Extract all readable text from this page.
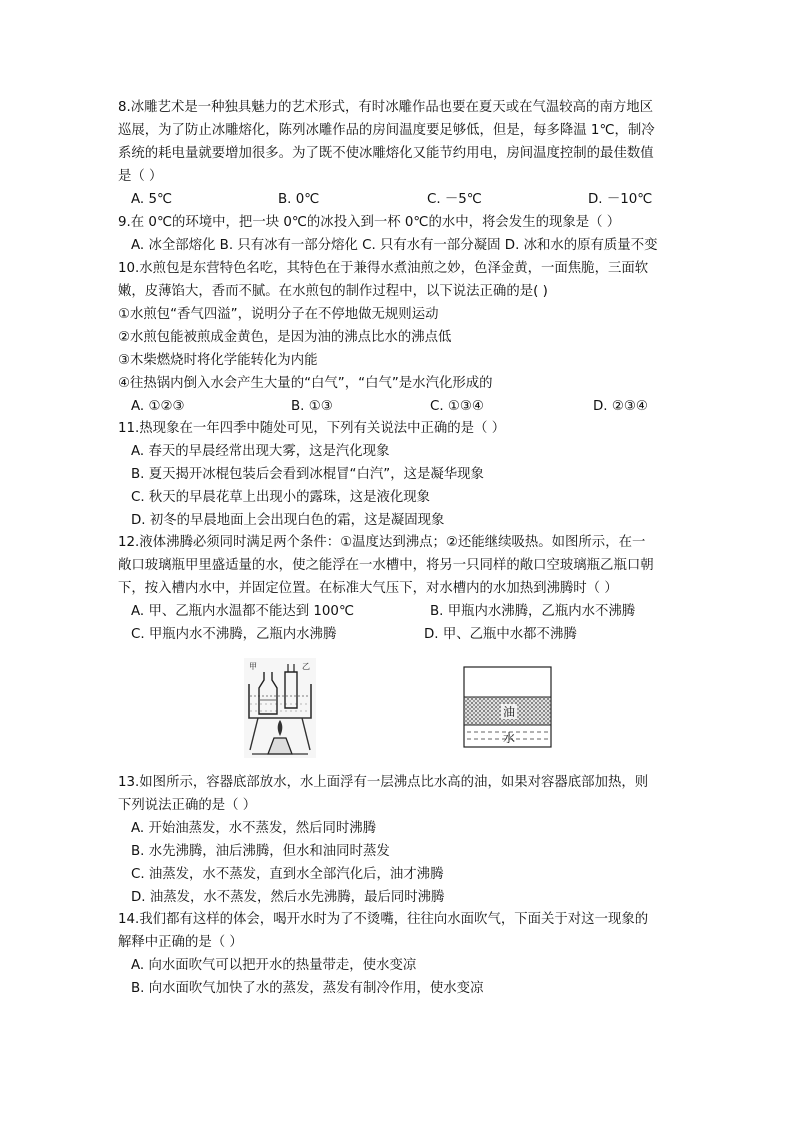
8.冰雕艺术是一种独具魅力的艺术形式，有时冰雕作品也要在夏天或在气温较高的南方地区
巡展，为了防止冰雕熔化，陈列冰雕作品的房间温度要足够低，但是，每多降温 1℃，制冷
系统的耗电量就要增加很多。为了既不使冰雕熔化又能节约用电，房间温度控制的最佳数值
是（ ）
A. 5℃	B. 0℃	C. －5℃	D. －10℃
9.在 0℃的环境中，把一块 0℃的冰投入到一杯 0℃的水中，将会发生的现象是（ ）
A. 冰全部熔化 B. 只有冰有一部分熔化 C. 只有水有一部分凝固 D. 冰和水的原有质量不变
10.水煎包是东营特色名吃，其特色在于兼得水煮油煎之妙，色泽金黄，一面焦脆，三面软
嫩，皮薄馅大，香而不腻。在水煎包的制作过程中，以下说法正确的是( )
①水煎包“香气四溢”，说明分子在不停地做无规则运动
②水煎包能被煎成金黄色，是因为油的沸点比水的沸点低
③木柴燃烧时将化学能转化为内能
④往热锅内倒入水会产生大量的“白气”，“白气”是水汽化形成的
A. ①②③	B. ①③	C. ①③④	D. ②③④
11.热现象在一年四季中随处可见，下列有关说法中正确的是（ ）
A. 春天的早晨经常出现大雾，这是汽化现象
B. 夏天揭开冰棍包装后会看到冰棍冒“白汽”，这是凝华现象
C. 秋天的早晨花草上出现小的露珠，这是液化现象
D. 初冬的早晨地面上会出现白色的霜，这是凝固现象
12.液体沸腾必须同时满足两个条件：①温度达到沸点；②还能继续吸热。如图所示，在一
敞口玻璃瓶甲里盛适量的水，使之能浮在一水槽中，将另一只同样的敞口空玻璃瓶乙瓶口朝
下，按入槽内水中，并固定位置。在标准大气压下，对水槽内的水加热到沸腾时（ ）
A. 甲、乙瓶内水温都不能达到 100℃	B. 甲瓶内水沸腾，乙瓶内水不沸腾
C. 甲瓶内水不沸腾，乙瓶内水沸腾	D. 甲、乙瓶中水都不沸腾
甲	乙
油
水
13.如图所示，容器底部放水，水上面浮有一层沸点比水高的油，如果对容器底部加热，则
下列说法正确的是（ ）
A. 开始油蒸发，水不蒸发，然后同时沸腾
B. 水先沸腾，油后沸腾，但水和油同时蒸发
C. 油蒸发，水不蒸发，直到水全部汽化后，油才沸腾
D. 油蒸发，水不蒸发，然后水先沸腾，最后同时沸腾
14.我们都有这样的体会，喝开水时为了不烫嘴，往往向水面吹气，下面关于对这一现象的
解释中正确的是（ ）
A. 向水面吹气可以把开水的热量带走，使水变凉
B. 向水面吹气加快了水的蒸发，蒸发有制冷作用，使水变凉
